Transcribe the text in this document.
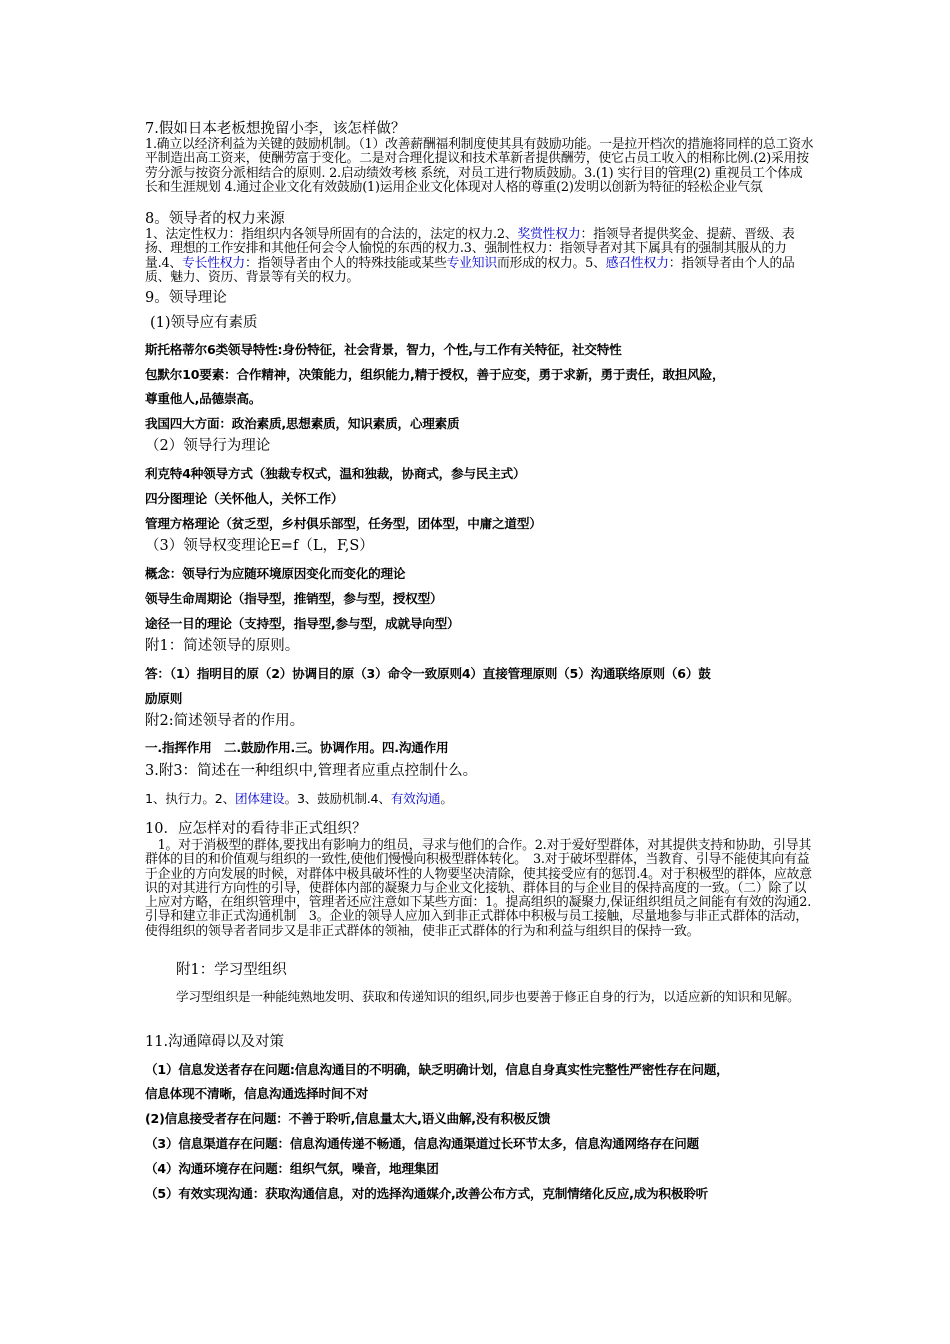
7.假如日本老板想挽留小李，该怎样做？
1.确立以经济利益为关键的鼓励机制。（1）改善薪酬福利制度使其具有鼓励功能。一是拉开档次的措施将同样的总工资水平制造出高工资来，使酬劳富于变化。二是对合理化提议和技术革新者提供酬劳，使它占员工收入的相称比例.(2)采用按劳分派与按资分派相结合的原则. 2.启动绩效考核 系统，对员工进行物质鼓励。3.(1) 实行目的管理(2) 重视员工个体成长和生涯规划 4.通过企业文化有效鼓励(1)运用企业文化体现对人格的尊重(2)发明以创新为特征的轻松企业气氛
8。领导者的权力来源
1、法定性权力：指组织内各领导所固有的合法的，法定的权力.2、奖赏性权力：指领导者提供奖金、提薪、晋级、表扬、理想的工作安排和其他任何会令人愉悦的东西的权力.3、强制性权力：指领导者对其下属具有的强制其服从的力量.4、专长性权力：指领导者由个人的特殊技能或某些专业知识而形成的权力。5、感召性权力：指领导者由个人的品质、魅力、资历、背景等有关的权力。
9。领导理论
(1)领导应有素质
斯托格蒂尔6类领导特性:身份特征，社会背景，智力，个性,与工作有关特征，社交特性
包默尔10要素：合作精神，决策能力，组织能力,精于授权，善于应变，勇于求新，勇于责任，敢担风险，
尊重他人,品德崇高。
我国四大方面：政治素质,思想素质，知识素质，心理素质
（2）领导行为理论
利克特4种领导方式（独裁专权式，温和独裁，协商式，参与民主式）
四分图理论（关怀他人，关怀工作）
管理方格理论（贫乏型，乡村俱乐部型，任务型，团体型，中庸之道型）
（3）领导权变理论E=f（L，F,S）
概念：领导行为应随环境原因变化而变化的理论
领导生命周期论（指导型，推销型，参与型，授权型）
途径一目的理论（支持型，指导型,参与型，成就导向型）
附1：简述领导的原则。
答：（1）指明目的原（2）协调目的原（3）命令一致原则4）直接管理原则（5）沟通联络原则（6）鼓
励原则
附2:简述领导者的作用。
一.指挥作用　二.鼓励作用.三。协调作用。四.沟通作用
3.附3：简述在一种组织中,管理者应重点控制什么。
1、执行力。2、团体建设。3、鼓励机制.4、有效沟通。
10．应怎样对的看待非正式组织？
　1。对于消极型的群体,要找出有影响力的组员，寻求与他们的合作。2.对于爱好型群体，对其提供支持和协助，引导其群体的目的和价值观与组织的一致性,使他们慢慢向积极型群体转化。　3.对于破坏型群体，当教育、引导不能使其向有益于企业的方向发展的时候，对群体中极具破坏性的人物要坚决清除，使其接受应有的惩罚.4。对于积极型的群体，应故意识的对其进行方向性的引导，使群体内部的凝聚力与企业文化接轨、群体目的与企业目的保持高度的一致。（二）除了以上应对方略，在组织管理中，管理者还应注意如下某些方面：1。提高组织的凝聚力,保证组织组员之间能有有效的沟通2.引导和建立非正式沟通机制　3。企业的领导人应加入到非正式群体中积极与员工接触，尽量地参与非正式群体的活动，使得组织的领导者者同步又是非正式群体的领袖，使非正式群体的行为和利益与组织目的保持一致。
附1：学习型组织
学习型组织是一种能纯熟地发明、获取和传递知识的组织,同步也要善于修正自身的行为，以适应新的知识和见解。
11.沟通障碍以及对策
（1）信息发送者存在问题:信息沟通目的不明确，缺乏明确计划，信息自身真实性完整性严密性存在问题，
信息体现不清晰，信息沟通选择时间不对
(2)信息接受者存在问题：不善于聆听,信息量太大,语义曲解,没有积极反馈
（3）信息渠道存在问题：信息沟通传递不畅通，信息沟通渠道过长环节太多，信息沟通网络存在问题
（4）沟通环境存在问题：组织气氛，噪音，地理集团
（5）有效实现沟通：获取沟通信息，对的选择沟通媒介,改善公布方式，克制情绪化反应,成为积极聆听
